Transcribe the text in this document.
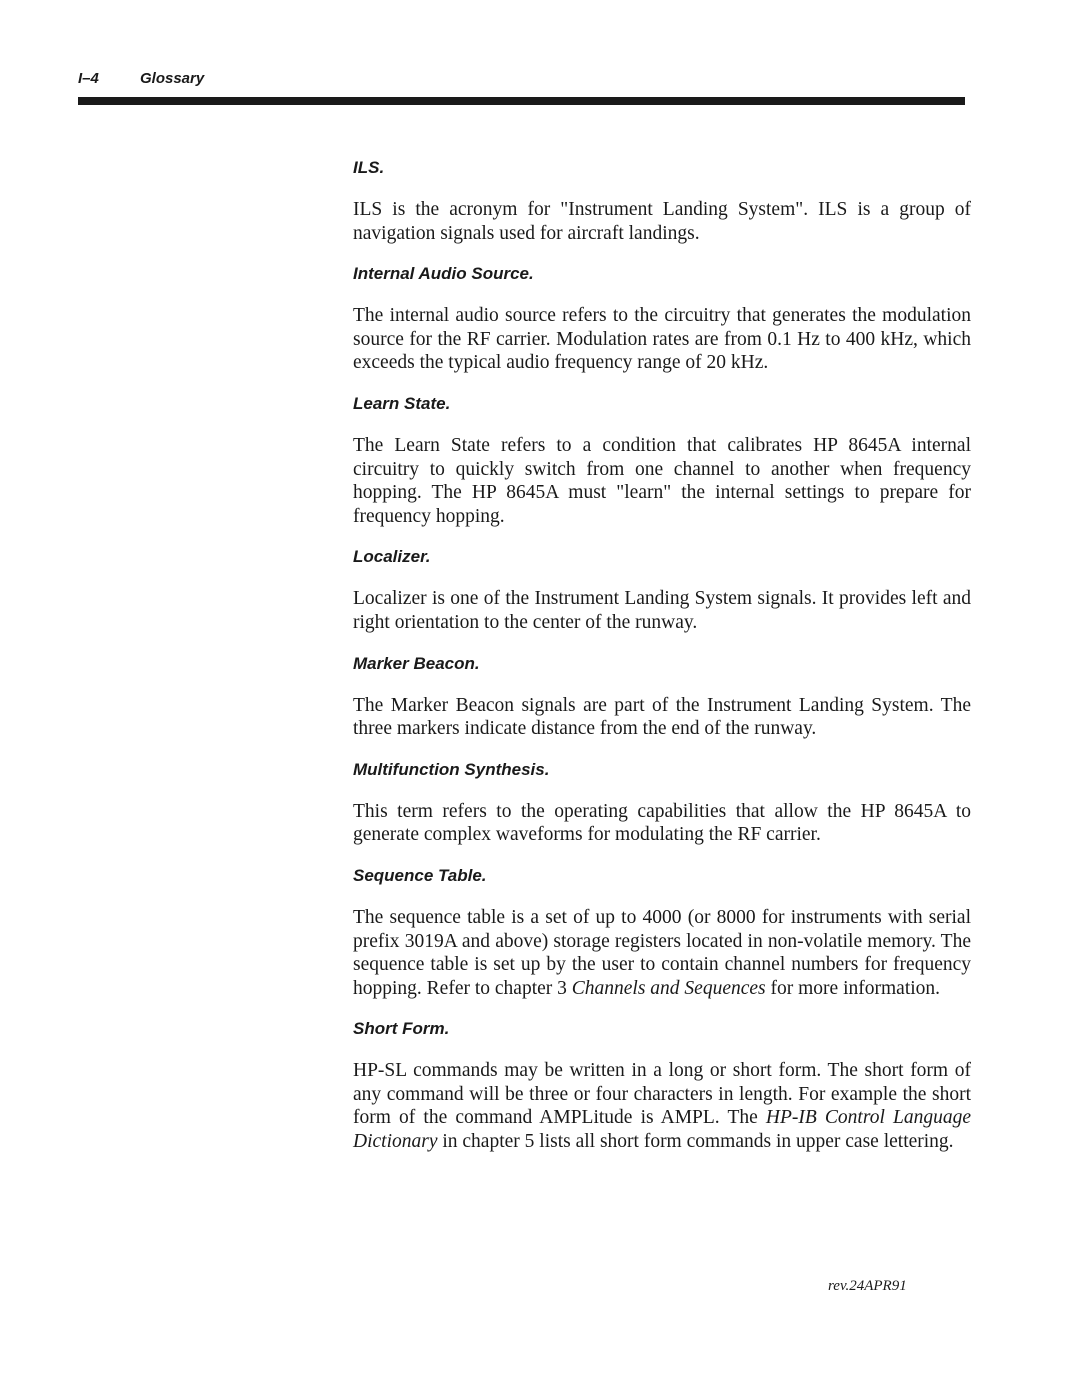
I–4	Glossary
ILS.

ILS is the acronym for "Instrument Landing System". ILS is a group of navigation signals used for aircraft landings.

Internal Audio Source.

The internal audio source refers to the circuitry that generates the modulation source for the RF carrier. Modulation rates are from 0.1 Hz to 400 kHz, which exceeds the typical audio frequency range of 20 kHz.

Learn State.

The Learn State refers to a condition that calibrates HP 8645A internal circuitry to quickly switch from one channel to another when frequency hopping. The HP 8645A must "learn" the internal settings to prepare for frequency hopping.

Localizer.

Localizer is one of the Instrument Landing System signals. It provides left and right orientation to the center of the runway.

Marker Beacon.

The Marker Beacon signals are part of the Instrument Landing System. The three markers indicate distance from the end of the runway.

Multifunction Synthesis.

This term refers to the operating capabilities that allow the HP 8645A to generate complex waveforms for modulating the RF carrier.

Sequence Table.

The sequence table is a set of up to 4000 (or 8000 for instruments with serial prefix 3019A and above) storage registers located in non-volatile memory. The sequence table is set up by the user to contain channel numbers for frequency hopping. Refer to chapter 3 Channels and Sequences for more information.

Short Form.

HP-SL commands may be written in a long or short form. The short form of any command will be three or four characters in length. For example the short form of the command AMPLitude is AMPL. The HP-IB Control Language Dictionary in chapter 5 lists all short form commands in upper case lettering.

rev.24APR91
